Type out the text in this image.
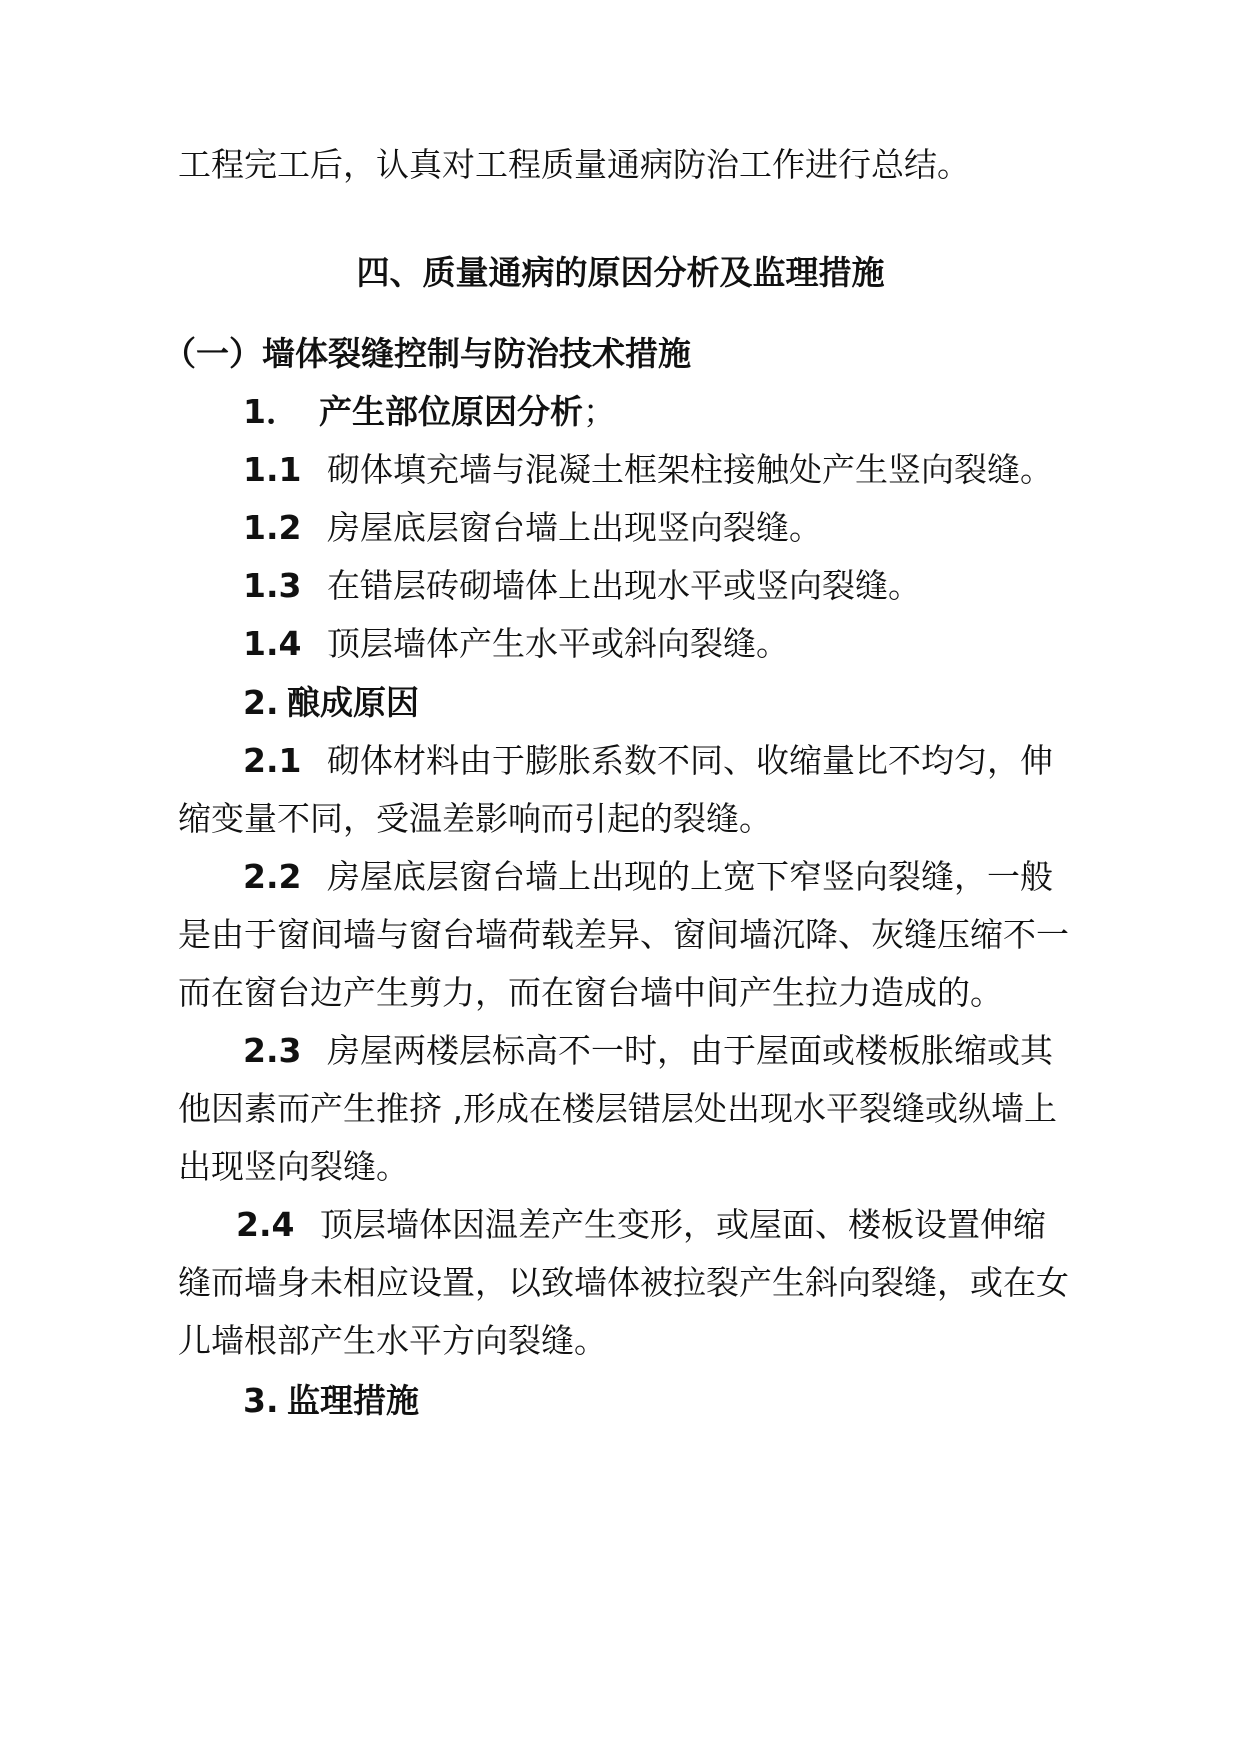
工程完工后，认真对工程质量通病防治工作进行总结。
四、质量通病的原因分析及监理措施
（一）墙体裂缝控制与防治技术措施
1． 产生部位原因分析；
1.1 砌体填充墙与混凝土框架柱接触处产生竖向裂缝。
1.2 房屋底层窗台墙上出现竖向裂缝。
1.3 在错层砖砌墙体上出现水平或竖向裂缝。
1.4 顶层墙体产生水平或斜向裂缝。
2. 酿成原因
2.1 砌体材料由于膨胀系数不同、收缩量比不均匀，伸
缩变量不同，受温差影响而引起的裂缝。
2.2 房屋底层窗台墙上出现的上宽下窄竖向裂缝，一般
是由于窗间墙与窗台墙荷载差异、窗间墙沉降、灰缝压缩不一
而在窗台边产生剪力，而在窗台墙中间产生拉力造成的。
2.3 房屋两楼层标高不一时，由于屋面或楼板胀缩或其
他因素而产生推挤 ,形成在楼层错层处出现水平裂缝或纵墙上
出现竖向裂缝。
2.4 顶层墙体因温差产生变形，或屋面、楼板设置伸缩
缝而墙身未相应设置，以致墙体被拉裂产生斜向裂缝，或在女
儿墙根部产生水平方向裂缝。
3. 监理措施
